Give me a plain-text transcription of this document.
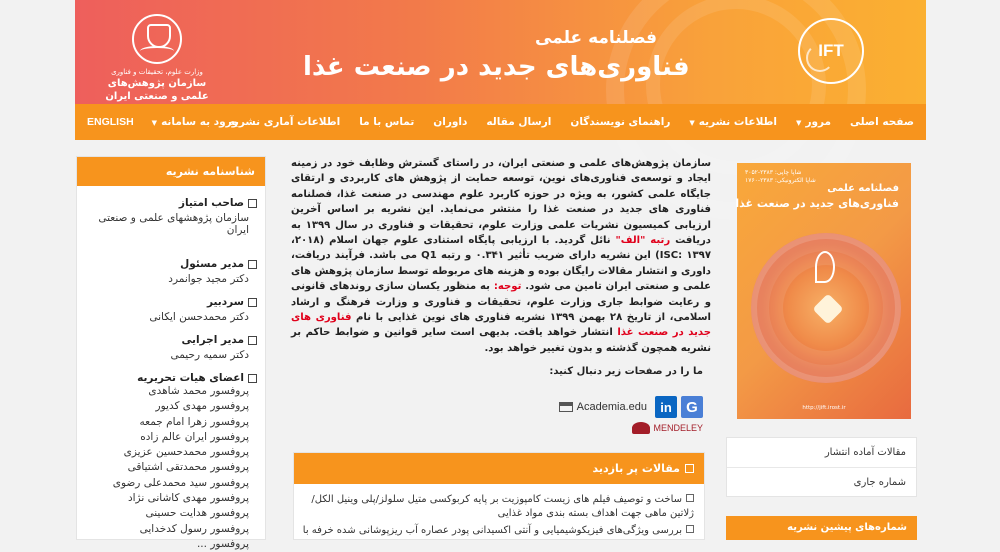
IFT
فصلنامه علمی
فناوری‌های جدید در صنعت غذا
وزارت علوم، تحقیقات و فناوری
سازمان پژوهش‌های
علمی و صنعتی ایران
صفحه اصلی
مرور▼
اطلاعات نشریه▼
راهنمای نویسندگان
ارسال مقاله
داوران
تماس با ما
اطلاعات آماری نشریه
ورود به سامانه▼
ENGLISH

سازمان پژوهش‌های علمی و صنعتی ایران، در راستای گسترش وظایف خود در زمینه ایجاد و توسعه‌ی فناوری‌های نوین، توسعه حمایت از پژوهش های کاربردی و ارتقای جایگاه علمی کشور، به ویژه در حوزه کاربرد علوم مهندسی در صنعت غذا، فصلنامه فناوری های جدید در صنعت غذا را منتشر می‌نماید. این نشریه بر اساس آخرین ارزیابی کمیسیون نشریات علمی وزارت علوم، تحقیقات و فناوری در سال ۱۳۹۹ به دریافت رتبه "الف" نائل گردید. با ارزیابی پایگاه استنادی علوم جهان اسلام (۲۰۱۸، ISC: ۱۳۹۷) این نشریه دارای ضریب تأثیر ۰.۳۴۱ و رتبه Q1 می باشد. فرآیند دریافت، داوری و انتشار مقالات رایگان بوده و هزینه های مربوطه توسط سازمان پژوهش های علمی و صنعتی ایران تامین می شود. توجه: به منظور یکسان سازی روندهای قانونی و رعایت ضوابط جاری وزارت علوم، تحقیقات و فناوری و وزارت فرهنگ و ارشاد اسلامی، از تاریخ ۲۸ بهمن ۱۳۹۹ نشریه فناوری های نوین غذایی با نام فناوری های جدید در صنعت غذا انتشار خواهد یافت. بدیهی است سایر قوانین و ضوابط حاکم بر نشریه همچون گذشته و بدون تغییر خواهد بود.

ما را در صفحات زیر دنبال کنید:
G
in
Academia.edu
MENDELEY
مقالات پر بازدید
ساخت و توصیف فیلم های زیست کامپوزیت بر پایه کربوکسی متیل سلولز/پلی وینیل الکل/ژلاتین ماهی جهت اهداف بسته بندی مواد غذایی
بررسی ویژگی‌های فیزیکوشیمیایی و آنتی اکسیدانی پودر عصاره آب ریزپوشانی شده خرفه با
شناسنامه نشریه
صاحب امتیاز
سازمان پژوهشهای علمی و صنعتی ایران
مدیر مسئول
دکتر مجید جوانمرد
سردبیر
دکتر محمدحسن ایکانی
مدیر اجرایی
دکتر سمیه رحیمی
اعضای هیات تحریریه
پروفسور محمد شاهدی
پروفسور مهدی کدیور
پروفسور زهرا امام جمعه
پروفسور ایران عالم زاده
پروفسور محمدحسین عزیزی
پروفسور محمدتقی اشتیاقی
پروفسور سید محمدعلی رضوی
پروفسور مهدی کاشانی نژاد
پروفسور هدایت حسینی
پروفسور رسول کدخدایی
پروفسور ...
شاپا چاپی: ۲۳۸۳-۳۰۵۲
شاپا الکترونیکی: ۲۳۸۳-۱۷۶۰
فصلنامه علمی
فناوری‌های جدید در صنعت غذا
http://jift.irost.ir
مقالات آماده انتشار
شماره جاری
شماره‌های پیشین نشریه
